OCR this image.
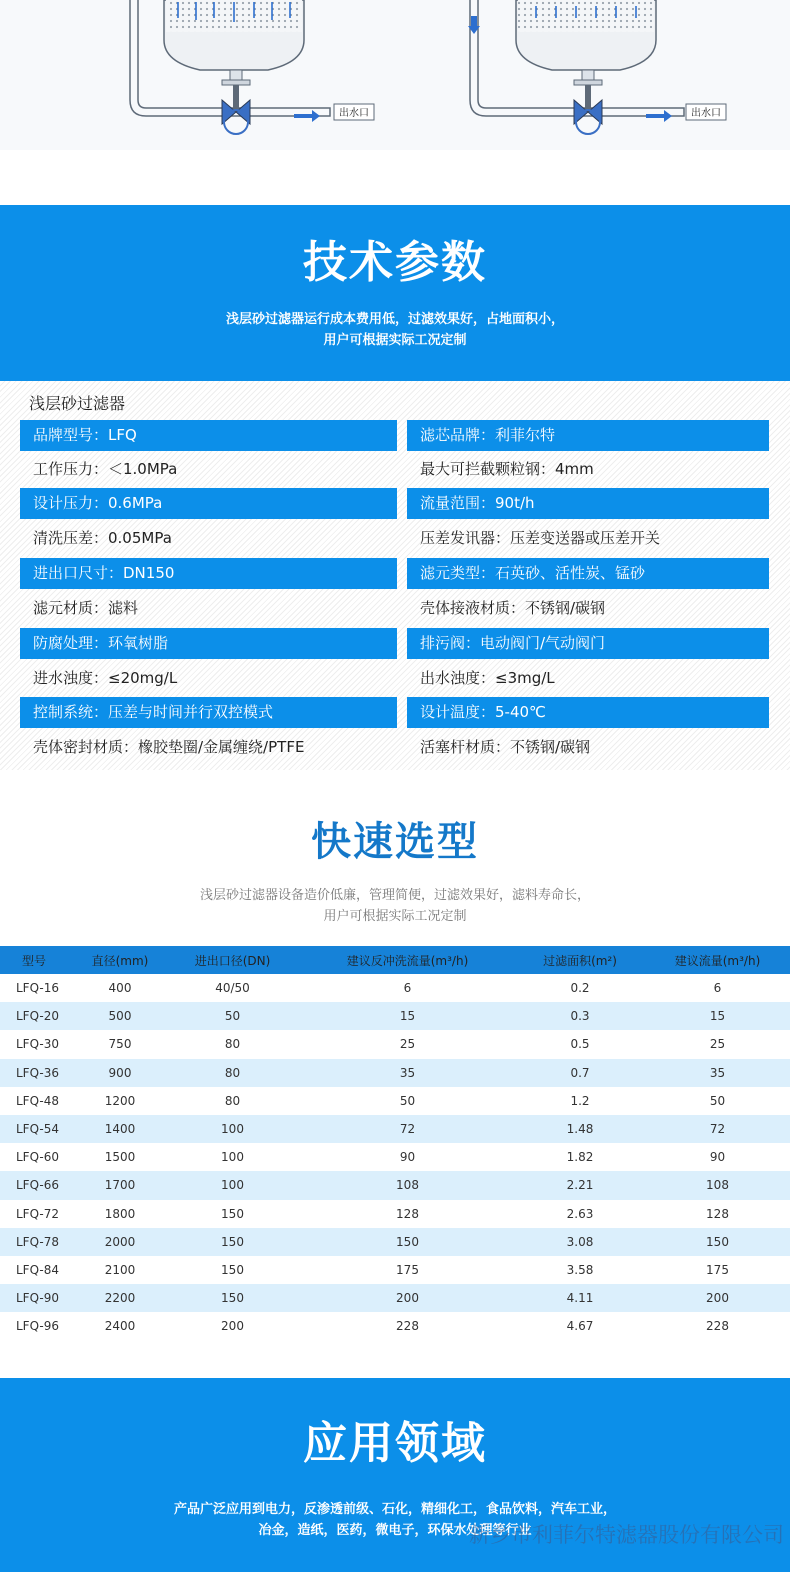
出水口	出水口
技术参数
浅层砂过滤器运行成本费用低，过滤效果好，占地面积小，
用户可根据实际工况定制
浅层砂过滤器
品牌型号：LFQ	滤芯品牌：利菲尔特
工作压力：＜1.0MPa	最大可拦截颗粒钢：4mm
设计压力：0.6MPa	流量范围：90t/h
清洗压差：0.05MPa	压差发讯器：压差变送器或压差开关
进出口尺寸：DN150	滤元类型：石英砂、活性炭、锰砂
滤元材质：滤料	壳体接液材质：不锈钢/碳钢
防腐处理：环氧树脂	排污阀：电动阀门/气动阀门
进水浊度：≤20mg/L	出水浊度：≤3mg/L
控制系统：压差与时间并行双控模式	设计温度：5-40℃
壳体密封材质：橡胶垫圈/金属缠绕/PTFE	活塞杆材质：不锈钢/碳钢
快速选型
浅层砂过滤器设备造价低廉，管理简便，过滤效果好，滤料寿命长，
用户可根据实际工况定制
型号	直径(mm)	进出口径(DN)	建议反冲洗流量(m³/h)	过滤面积(m²)	建议流量(m³/h)
LFQ-16	400	40/50	6	0.2	6
LFQ-20	500	50	15	0.3	15
LFQ-30	750	80	25	0.5	25
LFQ-36	900	80	35	0.7	35
LFQ-48	1200	80	50	1.2	50
LFQ-54	1400	100	72	1.48	72
LFQ-60	1500	100	90	1.82	90
LFQ-66	1700	100	108	2.21	108
LFQ-72	1800	150	128	2.63	128
LFQ-78	2000	150	150	3.08	150
LFQ-84	2100	150	175	3.58	175
LFQ-90	2200	150	200	4.11	200
LFQ-96	2400	200	228	4.67	228
应用领域
产品广泛应用到电力，反渗透前级、石化，精细化工，食品饮料，汽车工业，
冶金，造纸，医药，微电子，环保水处理等行业
新乡市利菲尔特滤器股份有限公司
